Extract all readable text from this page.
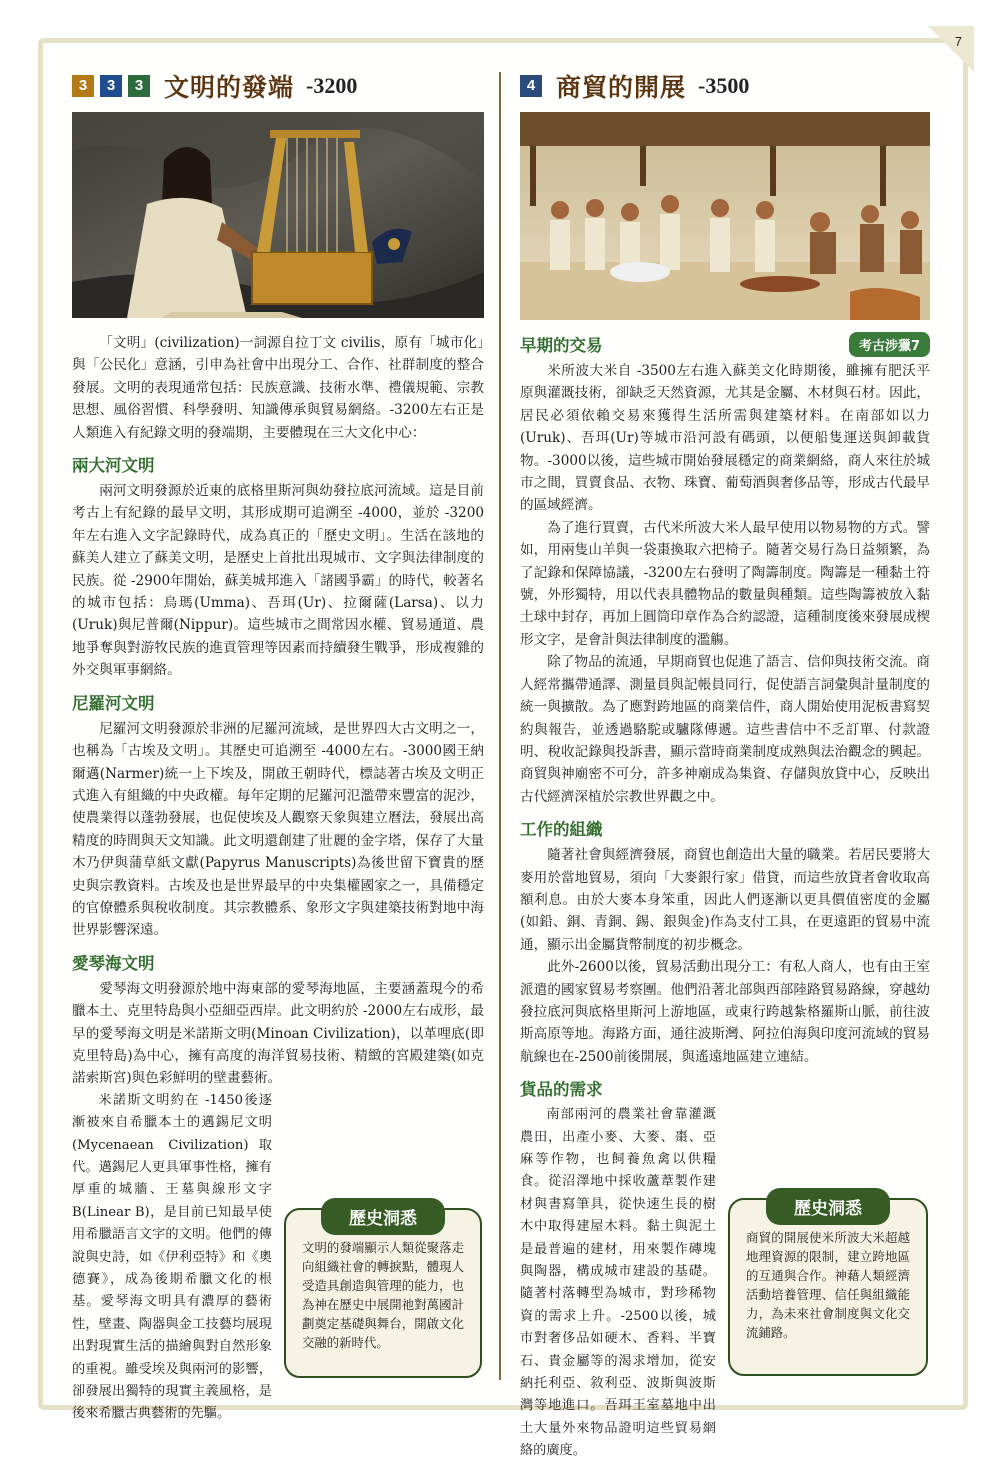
7
3	3	3 文明的發端 -3200

「文明」(civilization)一詞源自拉丁文 civilis，原有「城市化」與「公民化」意涵，引申為社會中出現分工、合作、社群制度的整合發展。文明的表現通常包括：民族意識、技術水準、禮儀規範、宗教思想、風俗習慣、科學發明、知識傳承與貿易網絡。-3200左右正是人類進入有紀錄文明的發端期，主要體現在三大文化中心：

兩大河文明

兩河文明發源於近東的底格里斯河與幼發拉底河流域。這是目前考古上有紀錄的最早文明，其形成期可追溯至 -4000，並於 -3200年左右進入文字記錄時代，成為真正的「歷史文明」。生活在該地的蘇美人建立了蘇美文明，是歷史上首批出現城市、文字與法律制度的民族。從 -2900年開始，蘇美城邦進入「諸國爭霸」的時代，較著名的城市包括：烏瑪(Umma)、吾珥(Ur)、拉爾薩(Larsa)、以力(Uruk)與尼普爾(Nippur)。這些城市之間常因水權、貿易通道、農地爭奪與對游牧民族的進貢管理等因素而持續發生戰爭，形成複雜的外交與軍事網絡。

尼羅河文明

尼羅河文明發源於非洲的尼羅河流域，是世界四大古文明之一，也稱為「古埃及文明」。其歷史可追溯至 -4000左右。-3000國王納爾邁(Narmer)統一上下埃及，開啟王朝時代，標誌著古埃及文明正式進入有組織的中央政權。每年定期的尼羅河氾濫帶來豐富的泥沙，使農業得以蓬勃發展，也促使埃及人觀察天象與建立曆法，發展出高精度的時間與天文知識。此文明還創建了壯麗的金字塔，保存了大量木乃伊與蒲草紙文獻(Papyrus Manuscripts)為後世留下寶貴的歷史與宗教資料。古埃及也是世界最早的中央集權國家之一，具備穩定的官僚體系與稅收制度。其宗教體系、象形文字與建築技術對地中海世界影響深遠。

愛琴海文明

愛琴海文明發源於地中海東部的愛琴海地區，主要涵蓋現今的希臘本土、克里特島與小亞細亞西岸。此文明約於 -2000左右成形，最早的愛琴海文明是米諾斯文明(Minoan Civilization)，以革哩底(即克里特島)為中心，擁有高度的海洋貿易技術、精緻的宮殿建築(如克諾索斯宮)與色彩鮮明的壁畫藝術。

米諾斯文明約在 -1450後逐漸被來自希臘本土的邁錫尼文明(Mycenaean Civilization)取代。邁錫尼人更具軍事性格，擁有厚重的城牆、王墓與線形文字B(Linear B)，是目前已知最早使用希臘語言文字的文明。他們的傳說與史詩，如《伊利亞特》和《奧德賽》，成為後期希臘文化的根基。愛琴海文明具有濃厚的藝術性，壁畫、陶器與金工技藝均展現出對現實生活的描繪與對自然形象的重視。雖受埃及與兩河的影響，卻發展出獨特的現實主義風格，是後來希臘古典藝術的先驅。

歷史洞悉
文明的發端顯示人類從聚落走向組織社會的轉捩點，體現人受造具創造與管理的能力，也為神在歷史中展開祂對萬國計劃奠定基礎與舞台，開啟文化交融的新時代。
4 商貿的開展 -3500
考古涉獵7
早期的交易

米所波大米自 -3500左右進入蘇美文化時期後，雖擁有肥沃平原與灌溉技術，卻缺乏天然資源，尤其是金屬、木材與石材。因此，居民必須依賴交易來獲得生活所需與建築材料。在南部如以力(Uruk)、吾珥(Ur)等城市沿河設有碼頭，以便船隻運送與卸載貨物。-3000以後，這些城市開始發展穩定的商業網絡，商人來往於城市之間，買賣食品、衣物、珠寶、葡萄酒與奢侈品等，形成古代最早的區域經濟。

為了進行買賣，古代米所波大米人最早使用以物易物的方式。譬如，用兩隻山羊與一袋棗換取六把椅子。隨著交易行為日益頻繁，為了記錄和保障協議，-3200左右發明了陶籌制度。陶籌是一種黏土符號，外形獨特，用以代表具體物品的數量與種類。這些陶籌被放入黏土球中封存，再加上圓筒印章作為合約認證，這種制度後來發展成楔形文字，是會計與法律制度的濫觴。

除了物品的流通，早期商貿也促進了語言、信仰與技術交流。商人經常攜帶通譯、測量員與記帳員同行，促使語言詞彙與計量制度的統一與擴散。為了應對跨地區的商業信件，商人開始使用泥板書寫契約與報告，並透過駱駝或驢隊傳遞。這些書信中不乏訂單、付款證明、稅收記錄與投訴書，顯示當時商業制度成熟與法治觀念的興起。商貿與神廟密不可分，許多神廟成為集資、存儲與放貸中心，反映出古代經濟深植於宗教世界觀之中。

工作的組織

隨著社會與經濟發展，商貿也創造出大量的職業。若居民要將大麥用於當地貿易，須向「大麥銀行家」借貸，而這些放貸者會收取高額利息。由於大麥本身笨重，因此人們逐漸以更具價值密度的金屬(如鉛、銅、青銅、錫、銀與金)作為支付工具，在更遠距的貿易中流通，顯示出金屬貨幣制度的初步概念。

此外-2600以後，貿易活動出現分工：有私人商人，也有由王室派遣的國家貿易考察團。他們沿著北部與西部陸路貿易路線，穿越幼發拉底河與底格里斯河上游地區，或東行跨越紮格羅斯山脈，前往波斯高原等地。海路方面，通往波斯灣、阿拉伯海與印度河流域的貿易航線也在-2500前後開展，與遙遠地區建立連結。

貨品的需求

南部兩河的農業社會靠灌溉農田，出產小麥、大麥、棗、亞麻等作物，也飼養魚禽以供糧食。從沼澤地中採收蘆葦製作建材與書寫筆具，從快速生長的樹木中取得建屋木料。黏土與泥土是最普遍的建材，用來製作磚塊與陶器，構成城市建設的基礎。隨著村落轉型為城市，對珍稀物資的需求上升。-2500以後，城市對奢侈品如硬木、香料、半寶石、貴金屬等的渴求增加，從安納托利亞、敘利亞、波斯與波斯灣等地進口。吾珥王室墓地中出土大量外來物品證明這些貿易網絡的廣度。

歷史洞悉
商貿的開展使米所波大米超越地理資源的限制，建立跨地區的互通與合作。神藉人類經濟活動培養管理、信任與組織能力，為未來社會制度與文化交流鋪路。
